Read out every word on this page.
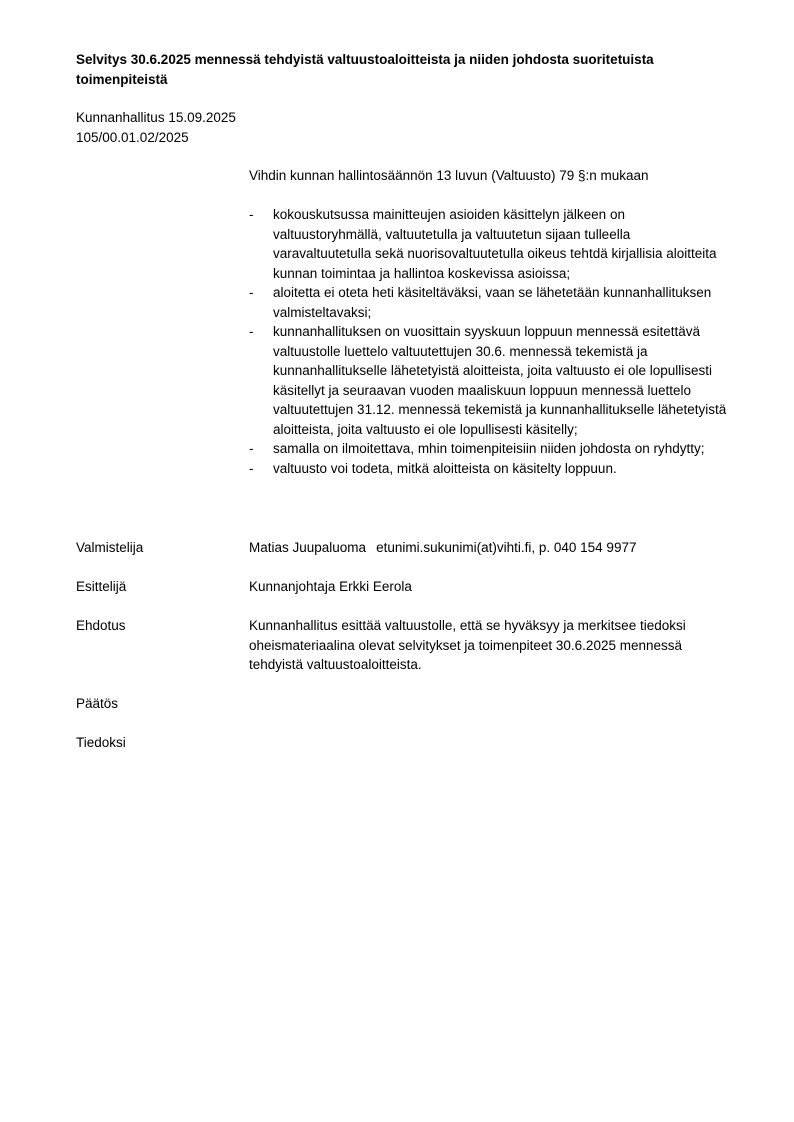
Selvitys 30.6.2025 mennessä tehdyistä valtuustoaloitteista ja niiden johdosta suoritetuista toimenpiteistä
Kunnanhallitus 15.09.2025
105/00.01.02/2025
Vihdin kunnan hallintosäännön 13 luvun (Valtuusto) 79 §:n mukaan
- kokouskutsussa mainitteujen asioiden käsittelyn jälkeen on valtuustoryhmällä, valtuutetulla ja valtuutetun sijaan tulleella varavaltuutetulla sekä nuorisovaltuutetulla oikeus tehtdä kirjallisia aloitteita kunnan toimintaa ja hallintoa koskevissa asioissa;
- aloitetta ei oteta heti käsiteltäväksi, vaan se lähetetään kunnanhallituksen valmisteltavaksi;
- kunnanhallituksen on vuosittain syyskuun loppuun mennessä esitettävä valtuustolle luettelo valtuutettujen 30.6. mennessä tekemistä ja kunnanhallitukselle lähetetyistä aloitteista, joita valtuusto ei ole lopullisesti käsitellyt ja seuraavan vuoden maaliskuun loppuun mennessä luettelo valtuutettujen 31.12. mennessä tekemistä ja kunnanhallitukselle lähetetyistä aloitteista, joita valtuusto ei ole lopullisesti käsitelly;
- samalla on ilmoitettava, mhin toimenpiteisiin niiden johdosta on ryhdytty;
- valtuusto voi todeta, mitkä aloitteista on käsitelty loppuun.
Valmistelija	Matias Juupaluoma etunimi.sukunimi(at)vihti.fi, p. 040 154 9977
Esittelijä	Kunnanjohtaja Erkki Eerola
Ehdotus	Kunnanhallitus esittää valtuustolle, että se hyväksyy ja merkitsee tiedoksi oheismateriaalina olevat selvitykset ja toimenpiteet 30.6.2025 mennessä tehdyistä valtuustoaloitteista.
Päätös
Tiedoksi
